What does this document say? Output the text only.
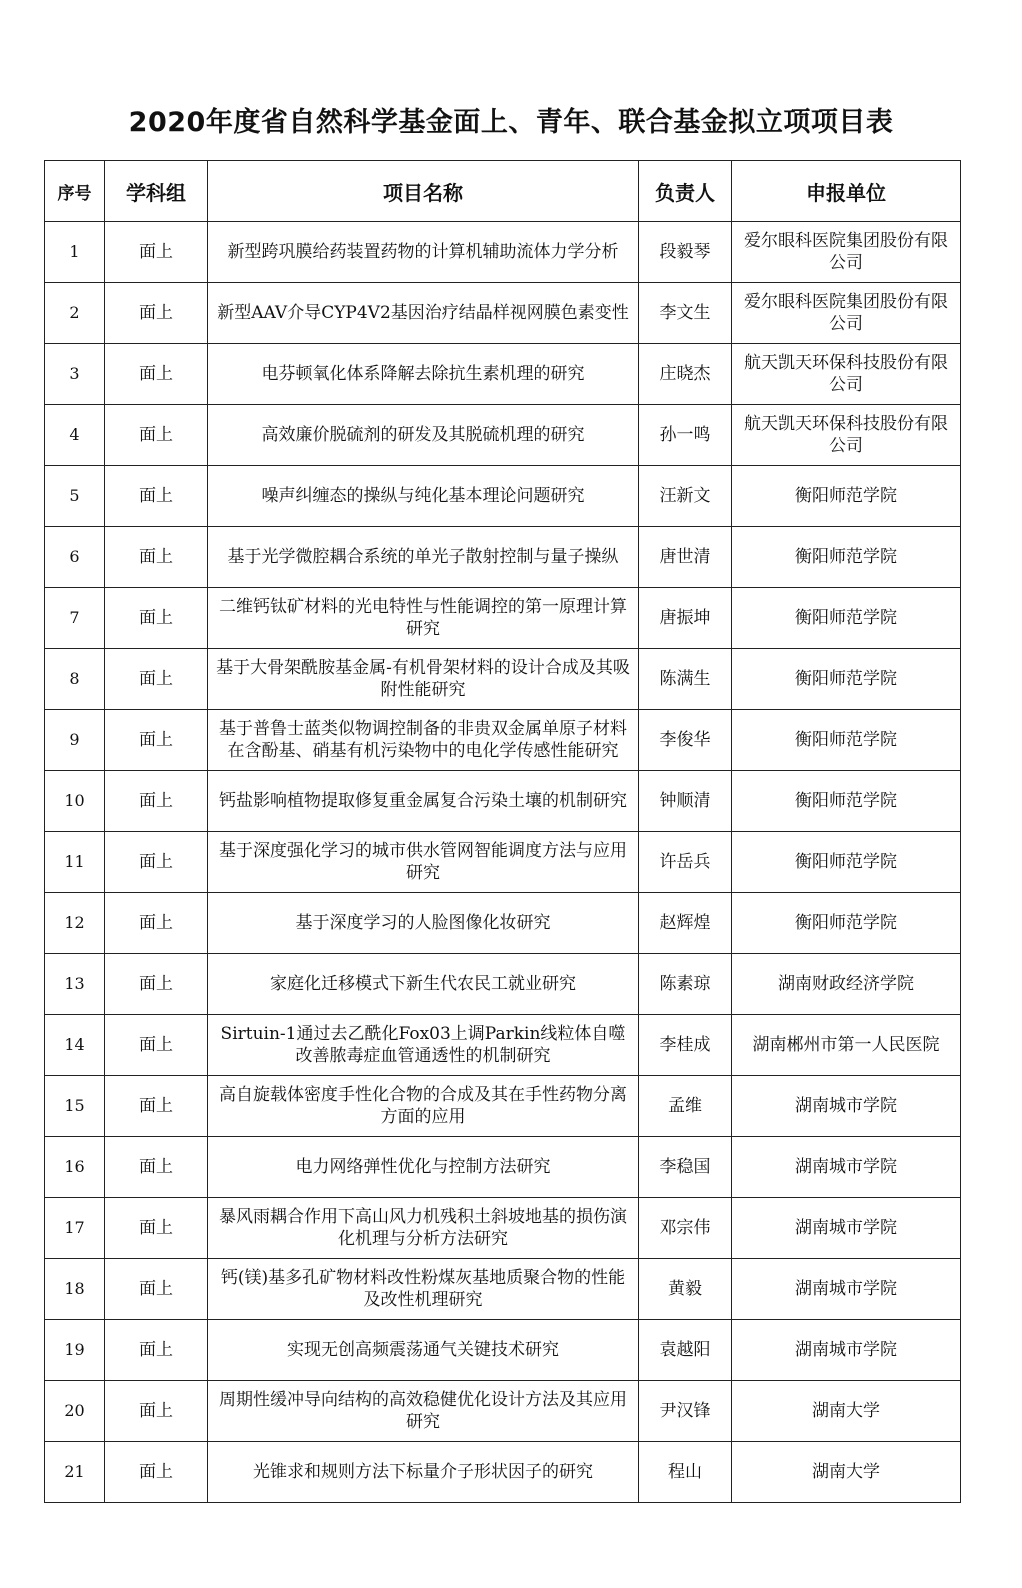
2020年度省自然科学基金面上、青年、联合基金拟立项项目表
序号	学科组	项目名称	负责人	申报单位
1	面上	新型跨巩膜给药装置药物的计算机辅助流体力学分析	段毅琴	爱尔眼科医院集团股份有限公司
2	面上	新型AAV介导CYP4V2基因治疗结晶样视网膜色素变性	李文生	爱尔眼科医院集团股份有限公司
3	面上	电芬顿氧化体系降解去除抗生素机理的研究	庄晓杰	航天凯天环保科技股份有限公司
4	面上	高效廉价脱硫剂的研发及其脱硫机理的研究	孙一鸣	航天凯天环保科技股份有限公司
5	面上	噪声纠缠态的操纵与纯化基本理论问题研究	汪新文	衡阳师范学院
6	面上	基于光学微腔耦合系统的单光子散射控制与量子操纵	唐世清	衡阳师范学院
7	面上	二维钙钛矿材料的光电特性与性能调控的第一原理计算研究	唐振坤	衡阳师范学院
8	面上	基于大骨架酰胺基金属-有机骨架材料的设计合成及其吸附性能研究	陈满生	衡阳师范学院
9	面上	基于普鲁士蓝类似物调控制备的非贵双金属单原子材料在含酚基、硝基有机污染物中的电化学传感性能研究	李俊华	衡阳师范学院
10	面上	钙盐影响植物提取修复重金属复合污染土壤的机制研究	钟顺清	衡阳师范学院
11	面上	基于深度强化学习的城市供水管网智能调度方法与应用研究	许岳兵	衡阳师范学院
12	面上	基于深度学习的人脸图像化妆研究	赵辉煌	衡阳师范学院
13	面上	家庭化迁移模式下新生代农民工就业研究	陈素琼	湖南财政经济学院
14	面上	Sirtuin-1通过去乙酰化Fox03上调Parkin线粒体自噬改善脓毒症血管通透性的机制研究	李桂成	湖南郴州市第一人民医院
15	面上	高自旋载体密度手性化合物的合成及其在手性药物分离方面的应用	孟维	湖南城市学院
16	面上	电力网络弹性优化与控制方法研究	李稳国	湖南城市学院
17	面上	暴风雨耦合作用下高山风力机残积土斜坡地基的损伤演化机理与分析方法研究	邓宗伟	湖南城市学院
18	面上	钙(镁)基多孔矿物材料改性粉煤灰基地质聚合物的性能及改性机理研究	黄毅	湖南城市学院
19	面上	实现无创高频震荡通气关键技术研究	袁越阳	湖南城市学院
20	面上	周期性缓冲导向结构的高效稳健优化设计方法及其应用研究	尹汉锋	湖南大学
21	面上	光锥求和规则方法下标量介子形状因子的研究	程山	湖南大学
